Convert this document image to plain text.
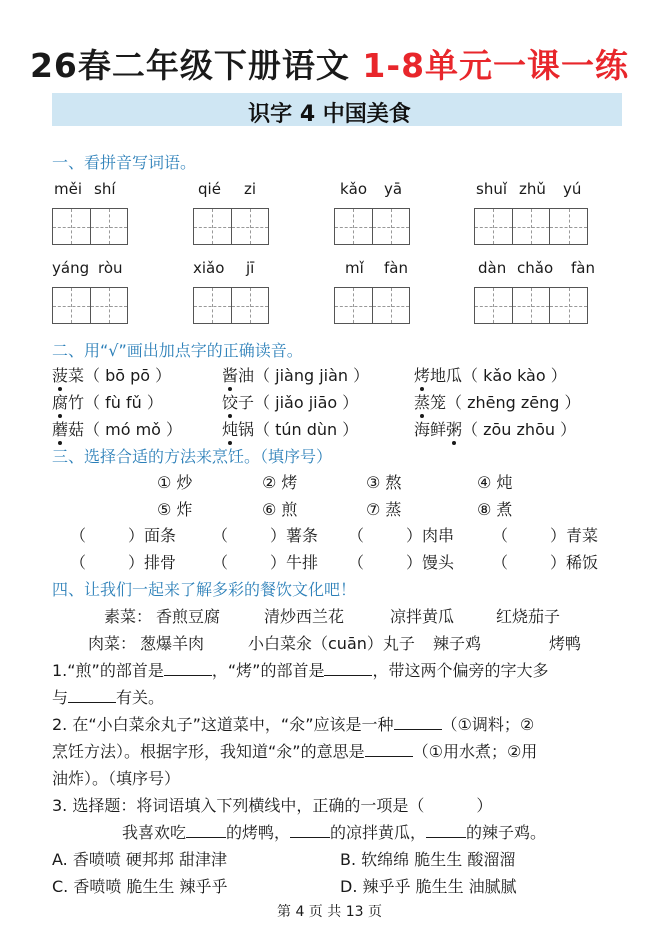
26春二年级下册语文 1-8单元一课一练
识字 4 中国美食
一、看拼音写词语。
měi shí	qié zi	kǎo yā	shuǐ zhǔ yú
yáng ròu	xiǎo jī	mǐ fàn	dàn chǎo fàn
二、用“√”画出加点字的正确读音。
菠菜（ bō pō ）	酱油（ jiàng jiàn ）	烤地瓜（ kǎo kào ）
腐竹（ fù fǔ ）	饺子（ jiǎo jiāo ）	蒸笼（ zhēng zēng ）
蘑菇（ mó mǒ ） 炖锅（ tún dùn ）	海鲜粥（ zōu zhōu ）
三、选择合适的方法来烹饪。（填序号）
① 炒	② 烤	③ 熬	④ 炖
⑤ 炸	⑥ 煎	⑦ 蒸	⑧ 煮
（	）面条 （	）薯条 （	）肉串 （	）青菜
（	）排骨 （	）牛排 （	）馒头 （	）稀饭
四、让我们一起来了解多彩的餐饮文化吧！
素菜： 香煎豆腐	清炒西兰花	凉拌黄瓜	红烧茄子
肉菜： 葱爆羊肉	小白菜氽（cuān）丸子 辣子鸡	烤鸭
1.“煎”的部首是	，“烤”的部首是	，带这两个偏旁的字大多
与	有关。
2. 在“小白菜氽丸子”这道菜中，“氽”应该是一种	（①调料；②
烹饪方法）。根据字形，我知道“氽”的意思是	（①用水煮；②用
油炸）。（填序号）
3. 选择题：将词语填入下列横线中，正确的一项是（	）
我喜欢吃	的烤鸭，	的凉拌黄瓜，	的辣子鸡。
A. 香喷喷 硬邦邦 甜津津	B. 软绵绵 脆生生 酸溜溜
C. 香喷喷 脆生生 辣乎乎	D. 辣乎乎 脆生生 油腻腻
第 4 页 共 13 页
